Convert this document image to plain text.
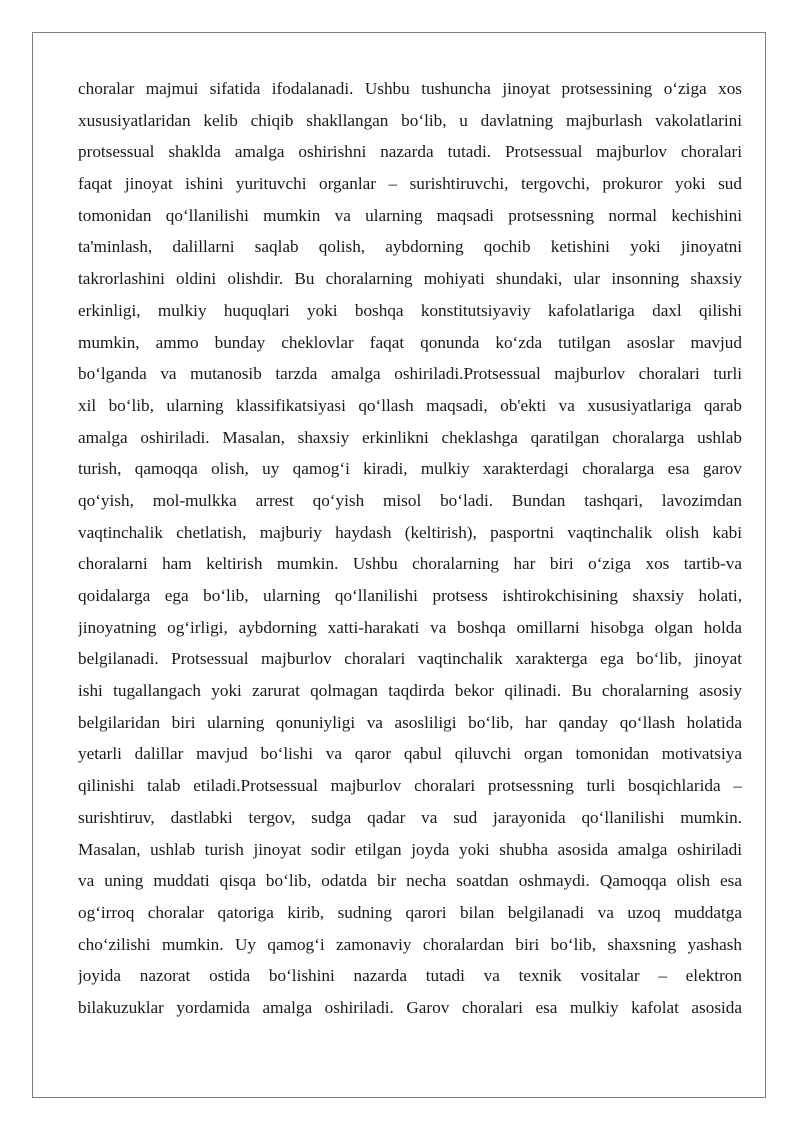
choralar majmui sifatida ifodalanadi. Ushbu tushuncha jinoyat protsessining o‘ziga xos
xususiyatlaridan kelib chiqib shakllangan bo‘lib, u davlatning majburlash vakolatlarini
protsessual shaklda amalga oshirishni nazarda tutadi. Protsessual majburlov choralari
faqat jinoyat ishini yurituvchi organlar – surishtiruvchi, tergovchi, prokuror yoki sud
tomonidan qo‘llanilishi mumkin va ularning maqsadi protsessning normal kechishini
ta'minlash, dalillarni saqlab qolish, aybdorning qochib ketishini yoki jinoyatni
takrorlashini oldini olishdir. Bu choralarning mohiyati shundaki, ular insonning shaxsiy
erkinligi, mulkiy huquqlari yoki boshqa konstitutsiyaviy kafolatlariga daxl qilishi
mumkin, ammo bunday cheklovlar faqat qonunda ko‘zda tutilgan asoslar mavjud
bo‘lganda va mutanosib tarzda amalga oshiriladi.Protsessual majburlov choralari turli
xil bo‘lib, ularning klassifikatsiyasi qo‘llash maqsadi, ob'ekti va xususiyatlariga qarab
amalga oshiriladi. Masalan, shaxsiy erkinlikni cheklashga qaratilgan choralarga ushlab
turish, qamoqqa olish, uy qamog‘i kiradi, mulkiy xarakterdagi choralarga esa garov
qo‘yish, mol-mulkka arrest qo‘yish misol bo‘ladi. Bundan tashqari, lavozimdan
vaqtinchalik chetlatish, majburiy haydash (keltirish), pasportni vaqtinchalik olish kabi
choralarni ham keltirish mumkin. Ushbu choralarning har biri o‘ziga xos tartib-va
qoidalarga ega bo‘lib, ularning qo‘llanilishi protsess ishtirokchisining shaxsiy holati,
jinoyatning og‘irligi, aybdorning xatti-harakati va boshqa omillarni hisobga olgan holda
belgilanadi. Protsessual majburlov choralari vaqtinchalik xarakterga ega bo‘lib, jinoyat
ishi tugallangach yoki zarurat qolmagan taqdirda bekor qilinadi. Bu choralarning asosiy
belgilaridan biri ularning qonuniyligi va asosliligi bo‘lib, har qanday qo‘llash holatida
yetarli dalillar mavjud bo‘lishi va qaror qabul qiluvchi organ tomonidan motivatsiya
qilinishi talab etiladi.Protsessual majburlov choralari protsessning turli bosqichlarida –
surishtiruv, dastlabki tergov, sudga qadar va sud jarayonida qo‘llanilishi mumkin.
Masalan, ushlab turish jinoyat sodir etilgan joyda yoki shubha asosida amalga oshiriladi
va uning muddati qisqa bo‘lib, odatda bir necha soatdan oshmaydi. Qamoqqa olish esa
og‘irroq choralar qatoriga kirib, sudning qarori bilan belgilanadi va uzoq muddatga
cho‘zilishi mumkin. Uy qamog‘i zamonaviy choralardan biri bo‘lib, shaxsning yashash
joyida nazorat ostida bo‘lishini nazarda tutadi va texnik vositalar – elektron
bilakuzuklar yordamida amalga oshiriladi. Garov choralari esa mulkiy kafolat asosida
